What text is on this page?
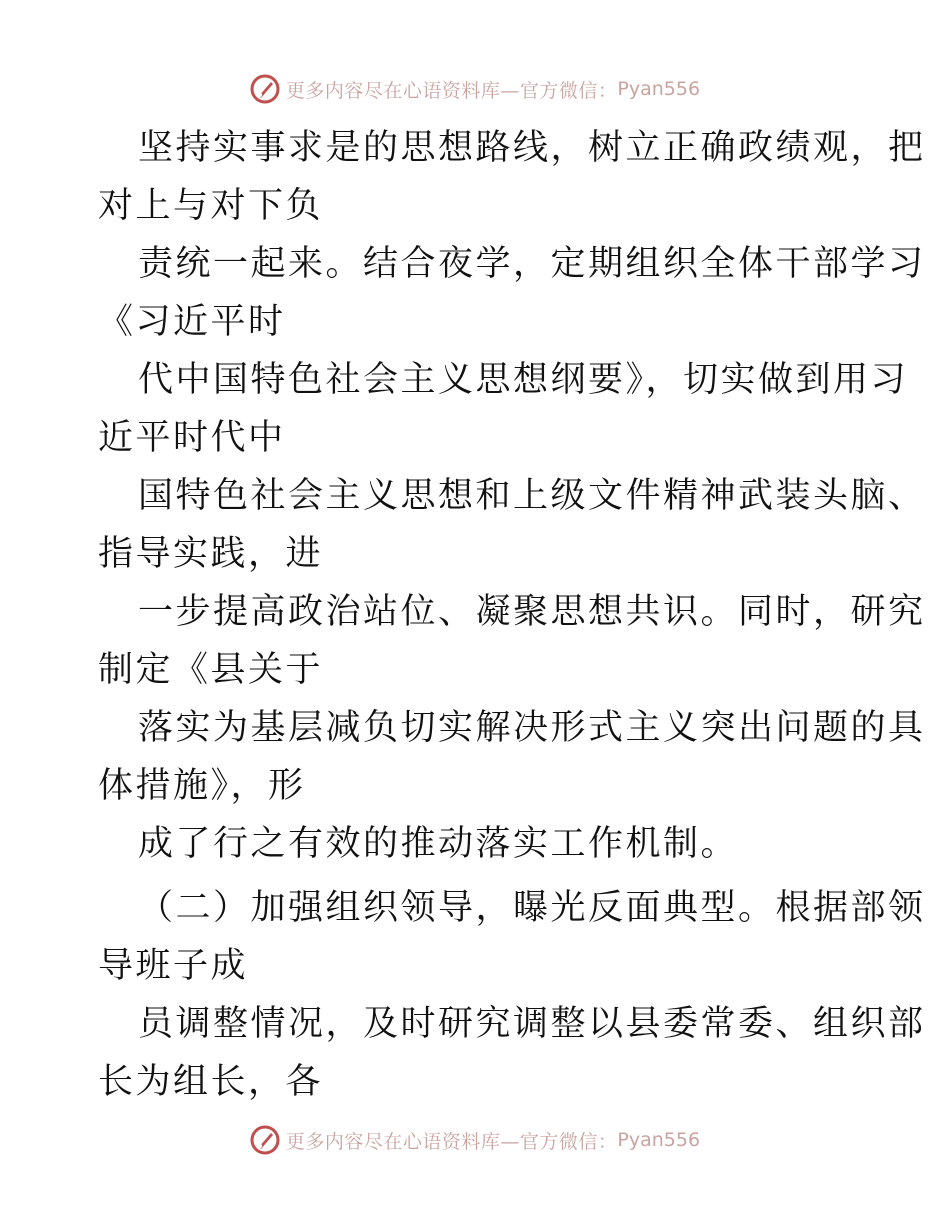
更多内容尽在心语资料库—官方微信： Pyan556
坚持实事求是的思想路线，树立正确政绩观，把
对上与对下负
责统一起来。结合夜学，定期组织全体干部学习
《习近平时
代中国特色社会主义思想纲要》，切实做到用习
近平时代中
国特色社会主义思想和上级文件精神武装头脑、
指导实践，进
一步提高政治站位、凝聚思想共识。同时，研究
制定《县关于
落实为基层减负切实解决形式主义突出问题的具
体措施》，形
成了行之有效的推动落实工作机制。
（二）加强组织领导，曝光反面典型。根据部领
导班子成
员调整情况，及时研究调整以县委常委、组织部
长为组长，各
更多内容尽在心语资料库—官方微信： Pyan556
